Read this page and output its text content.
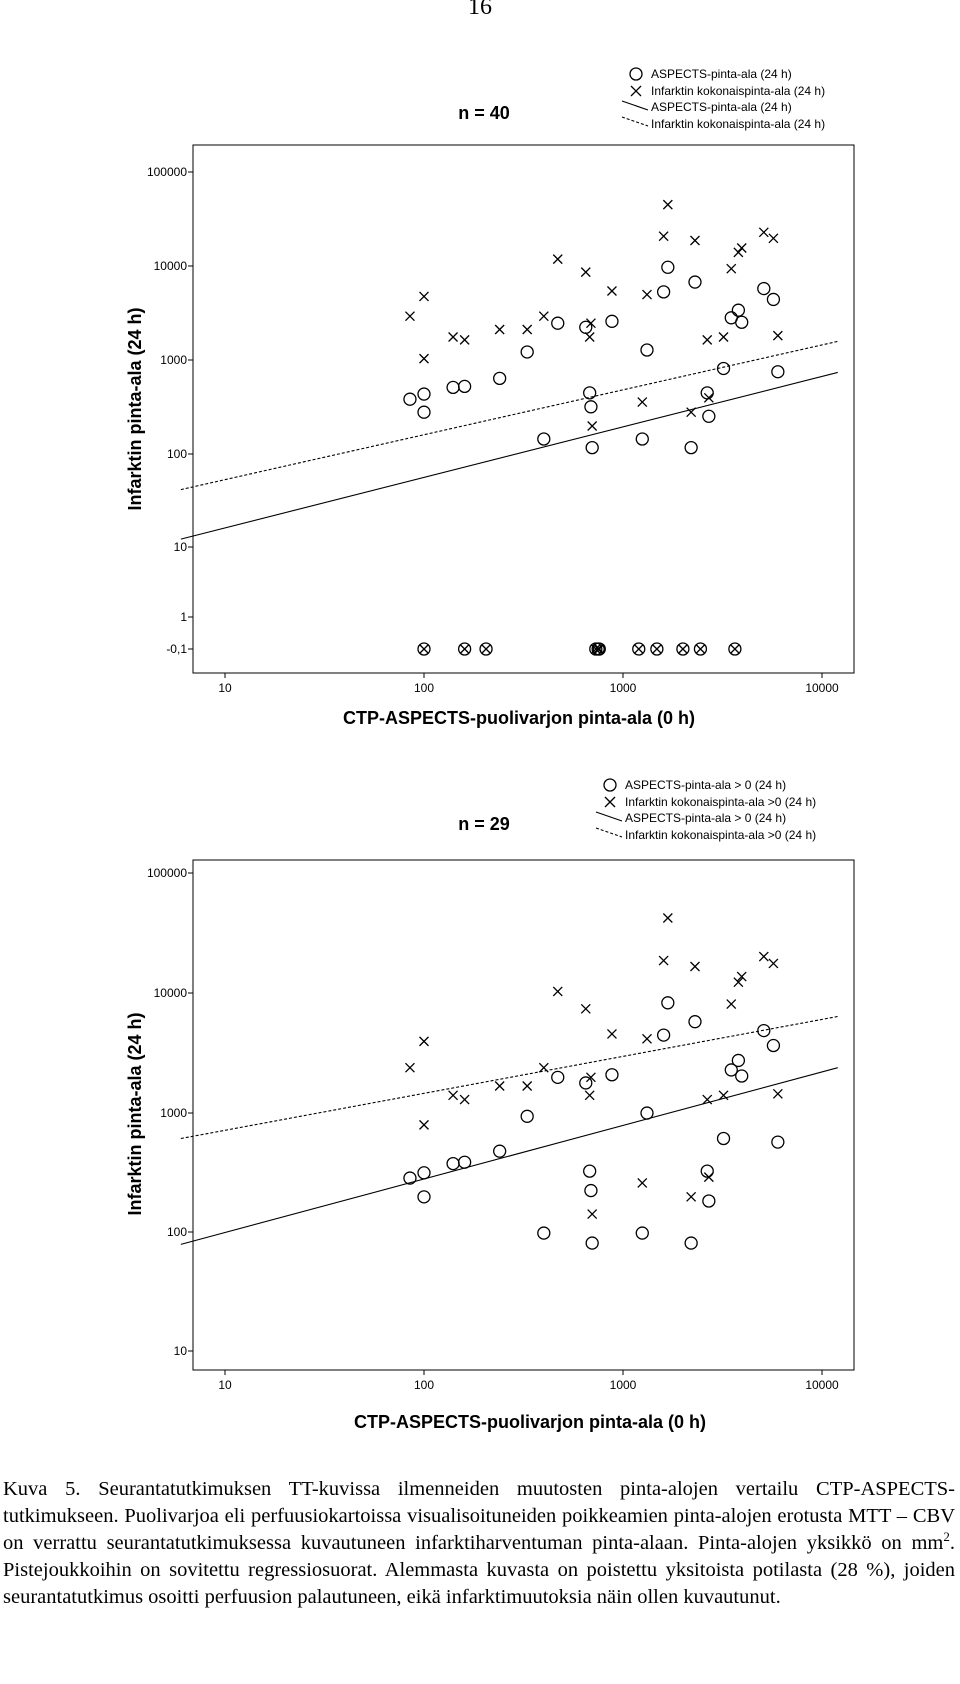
16
n = 40
ASPECTS-pinta-ala (24 h)
Infarktin kokonaispinta-ala (24 h)
ASPECTS-pinta-ala (24 h)
Infarktin kokonaispinta-ala (24 h)
100000
10000
1000
100
10
1
-0,1
10	100	1000	10000
Infarktin pinta-ala (24 h)
CTP-ASPECTS-puolivarjon pinta-ala (0 h)
n = 29
ASPECTS-pinta-ala > 0 (24 h)
Infarktin kokonaispinta-ala >0 (24 h)
ASPECTS-pinta-ala > 0 (24 h)
Infarktin kokonaispinta-ala >0 (24 h)
100000
10000
1000
100
10
10	100	1000	10000
Infarktin pinta-ala (24 h)
CTP-ASPECTS-puolivarjon pinta-ala (0 h)
Kuva 5. Seurantatutkimuksen TT-kuvissa ilmenneiden muutosten pinta-alojen vertailu CTP-ASPECTS-tutkimukseen. Puolivarjoa eli perfuusiokartoissa visualisoituneiden poikkeamien pinta-alojen erotusta MTT – CBV on verrattu seurantatutkimuksessa kuvautuneen infarktiharventuman pinta-alaan. Pinta-alojen yksikkö on $mm^2$. Pistejoukkoihin on sovitettu regressiosuorat. Alemmasta kuvasta on poistettu yksitoista potilasta (28 %), joiden seurantatutkimus osoitti perfuusion palautuneen, eikä infarktimuutoksia näin ollen kuvautunut.
